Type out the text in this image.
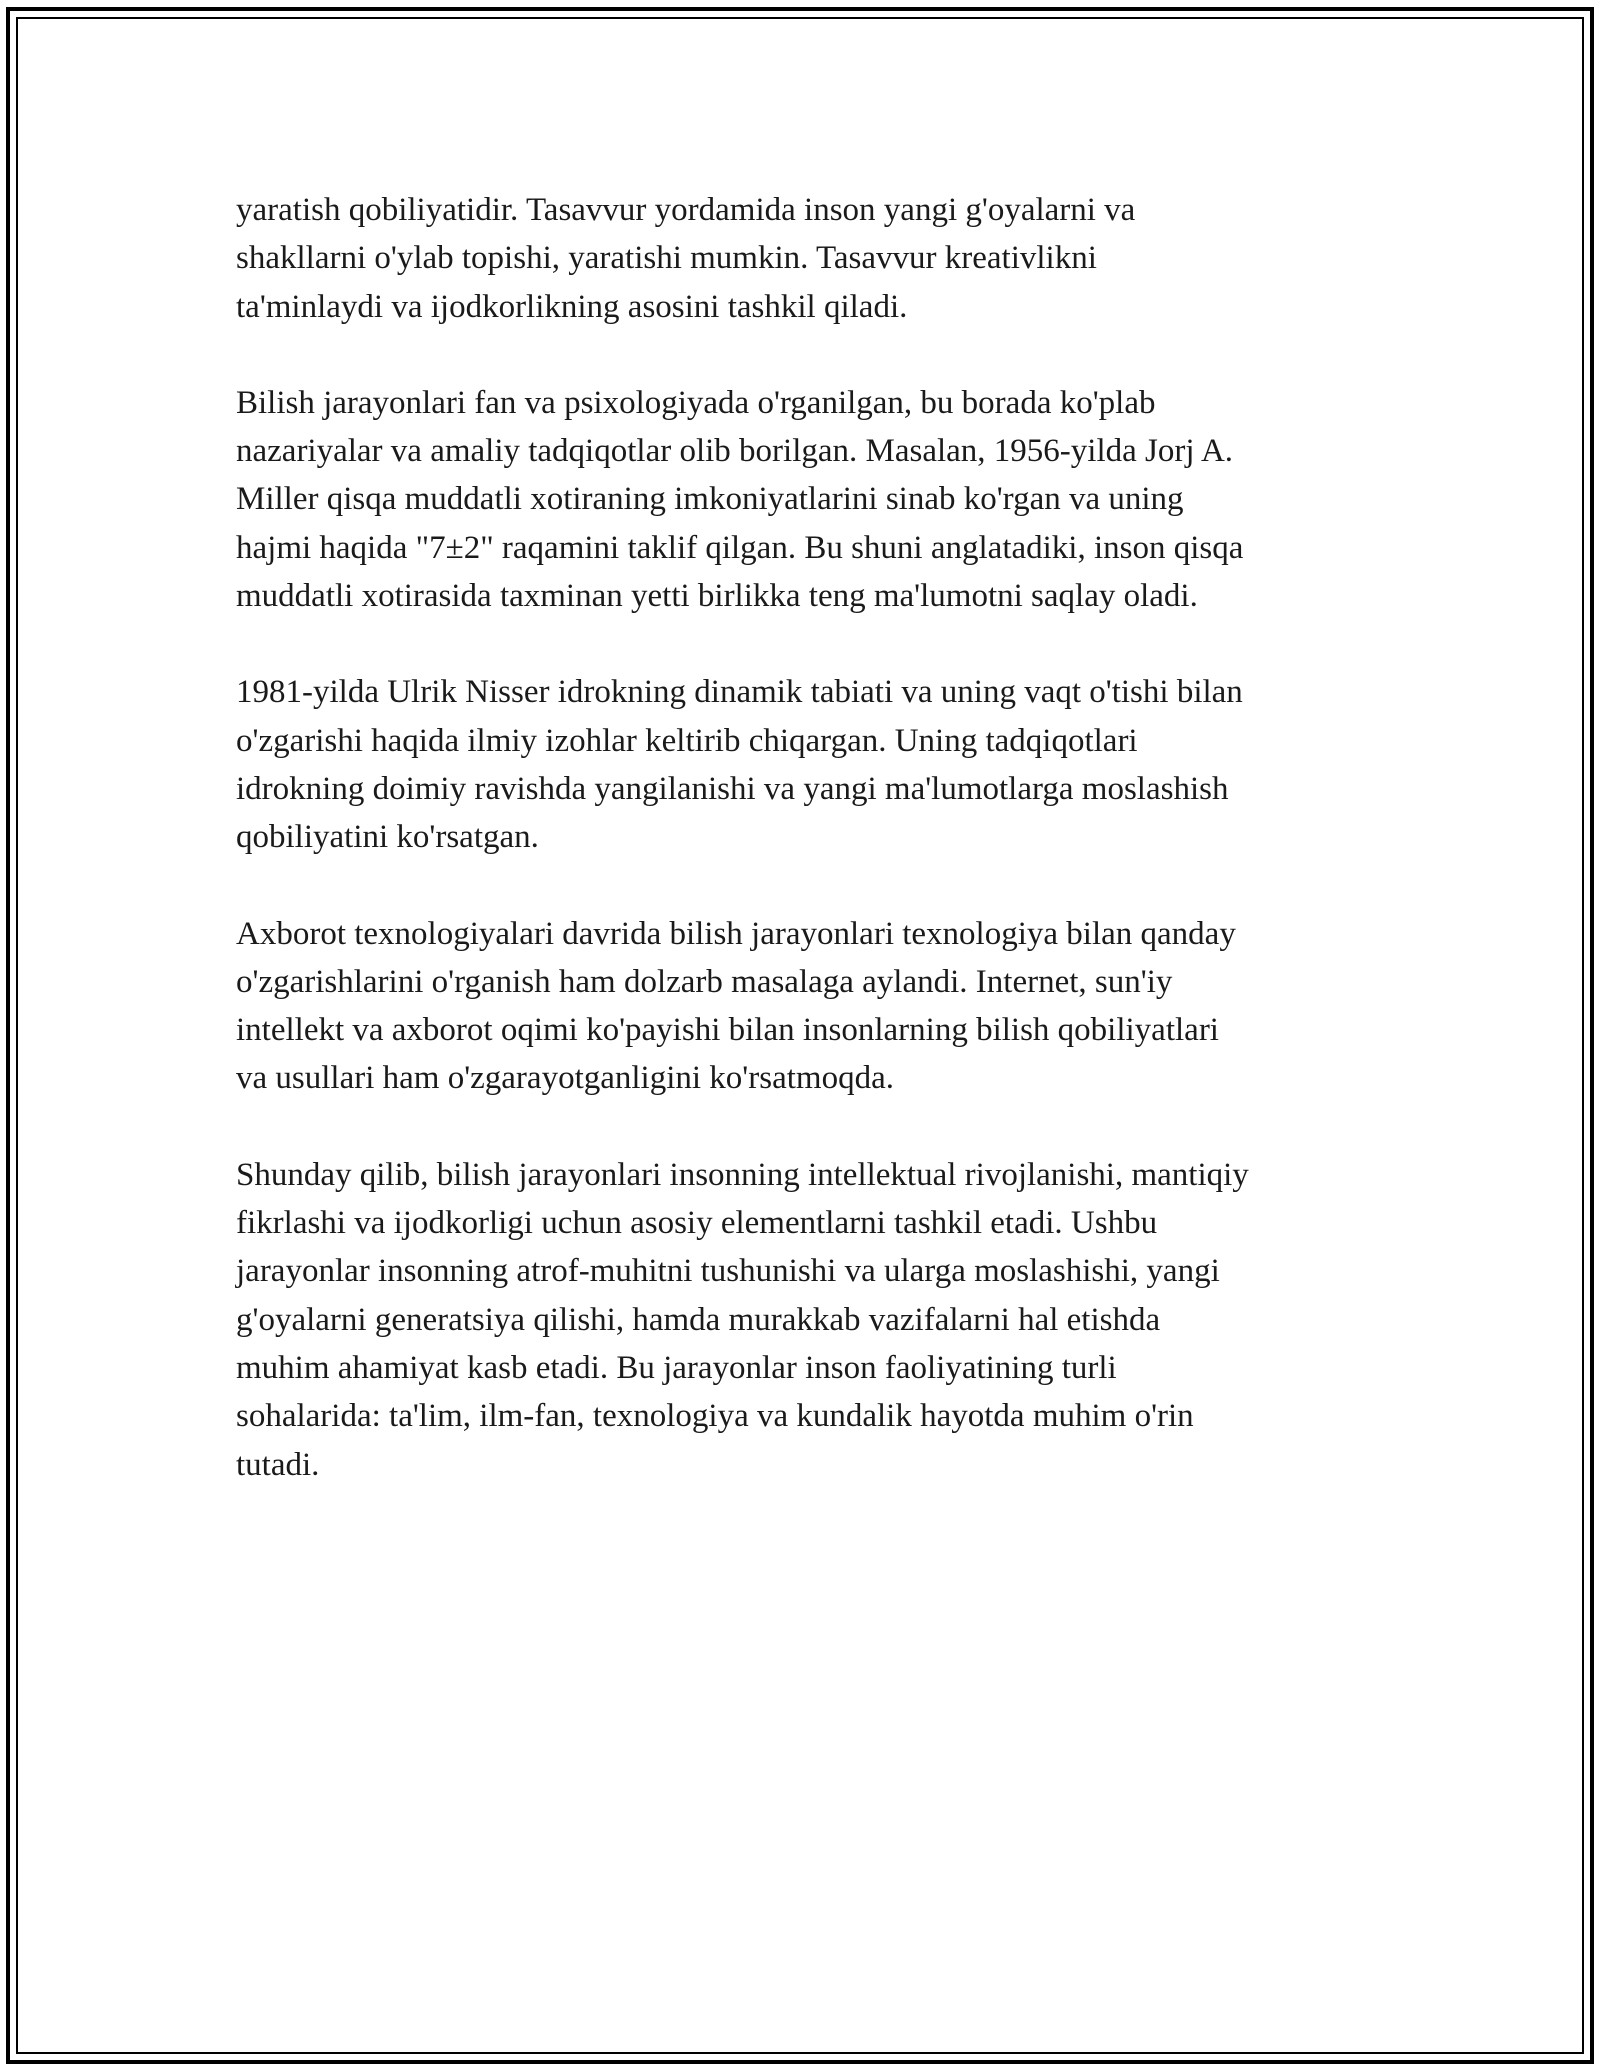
yaratish qobiliyatidir. Tasavvur yordamida inson yangi g'oyalarni va
shakllarni o'ylab topishi, yaratishi mumkin. Tasavvur kreativlikni
ta'minlaydi va ijodkorlikning asosini tashkil qiladi.

Bilish jarayonlari fan va psixologiyada o'rganilgan, bu borada ko'plab
nazariyalar va amaliy tadqiqotlar olib borilgan. Masalan, 1956-yilda Jorj A.
Miller qisqa muddatli xotiraning imkoniyatlarini sinab ko'rgan va uning
hajmi haqida "7±2" raqamini taklif qilgan. Bu shuni anglatadiki, inson qisqa
muddatli xotirasida taxminan yetti birlikka teng ma'lumotni saqlay oladi.

1981-yilda Ulrik Nisser idrokning dinamik tabiati va uning vaqt o'tishi bilan
o'zgarishi haqida ilmiy izohlar keltirib chiqargan. Uning tadqiqotlari
idrokning doimiy ravishda yangilanishi va yangi ma'lumotlarga moslashish
qobiliyatini ko'rsatgan.

Axborot texnologiyalari davrida bilish jarayonlari texnologiya bilan qanday
o'zgarishlarini o'rganish ham dolzarb masalaga aylandi. Internet, sun'iy
intellekt va axborot oqimi ko'payishi bilan insonlarning bilish qobiliyatlari
va usullari ham o'zgarayotganligini ko'rsatmoqda.

Shunday qilib, bilish jarayonlari insonning intellektual rivojlanishi, mantiqiy
fikrlashi va ijodkorligi uchun asosiy elementlarni tashkil etadi. Ushbu
jarayonlar insonning atrof-muhitni tushunishi va ularga moslashishi, yangi
g'oyalarni generatsiya qilishi, hamda murakkab vazifalarni hal etishda
muhim ahamiyat kasb etadi. Bu jarayonlar inson faoliyatining turli
sohalarida: ta'lim, ilm-fan, texnologiya va kundalik hayotda muhim o'rin
tutadi.
